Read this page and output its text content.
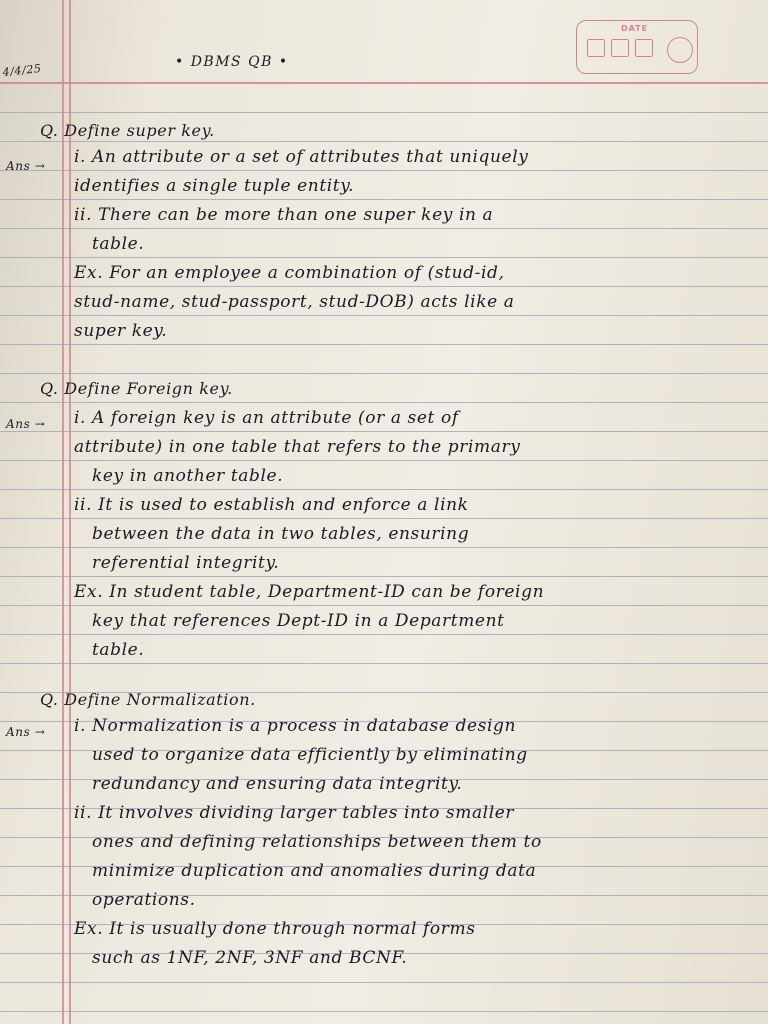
DATE
4/4/25	• DBMS QB •
Q. Define super key.
Ans → i. An attribute or a set of attributes that uniquely
identifies a single tuple entity.
ii. There can be more than one super key in a
table.
Ex. For an employee a combination of (stud-id,
stud-name, stud-passport, stud-DOB) acts like a
super key.
Q. Define Foreign key.
Ans → i. A foreign key is an attribute (or a set of
attribute) in one table that refers to the primary
key in another table.
ii. It is used to establish and enforce a link
between the data in two tables, ensuring
referential integrity.
Ex. In student table, Department-ID can be foreign
key that references Dept-ID in a Department
table.
Q. Define Normalization.
Ans → i. Normalization is a process in database design
used to organize data efficiently by eliminating
redundancy and ensuring data integrity.
ii. It involves dividing larger tables into smaller
ones and defining relationships between them to
minimize duplication and anomalies during data
operations.
Ex. It is usually done through normal forms
such as 1NF, 2NF, 3NF and BCNF.
